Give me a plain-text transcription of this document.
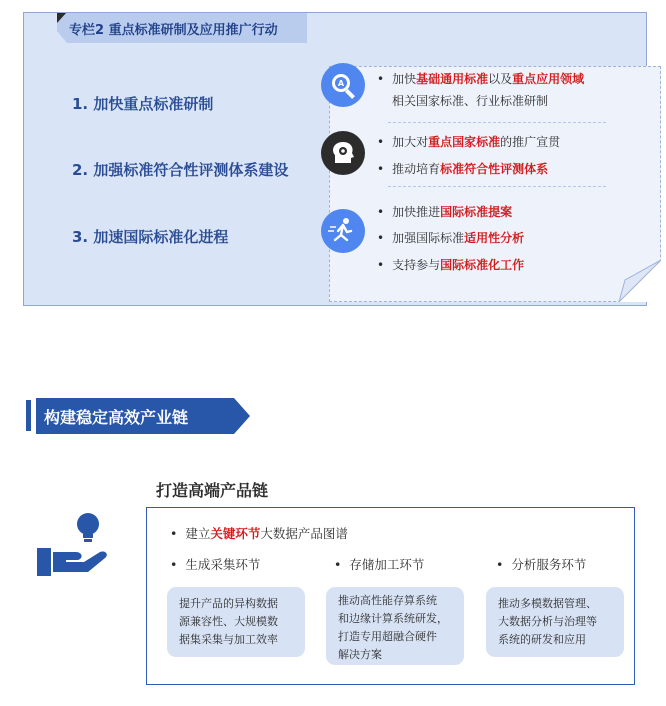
专栏2 重点标准研制及应用推广行动
1. 加快重点标准研制
2. 加强标准符合性评测体系建设
3. 加速国际标准化进程
A	• 加快基础通用标准以及重点应用领域
相关国家标准、行业标准研制
• 加大对重点国家标准的推广宣贯
• 推动培育标准符合性评测体系
• 加快推进国际标准提案
• 加强国际标准适用性分析
• 支持参与国际标准化工作
构建稳定高效产业链
打造高端产品链
• 建立关键环节大数据产品图谱
• 生成采集环节	• 存储加工环节	• 分析服务环节
提升产品的异构数据
源兼容性、大规模数
据集采集与加工效率
推动高性能存算系统
和边缘计算系统研发，
打造专用超融合硬件
解决方案
推动多模数据管理、
大数据分析与治理等
系统的研发和应用
